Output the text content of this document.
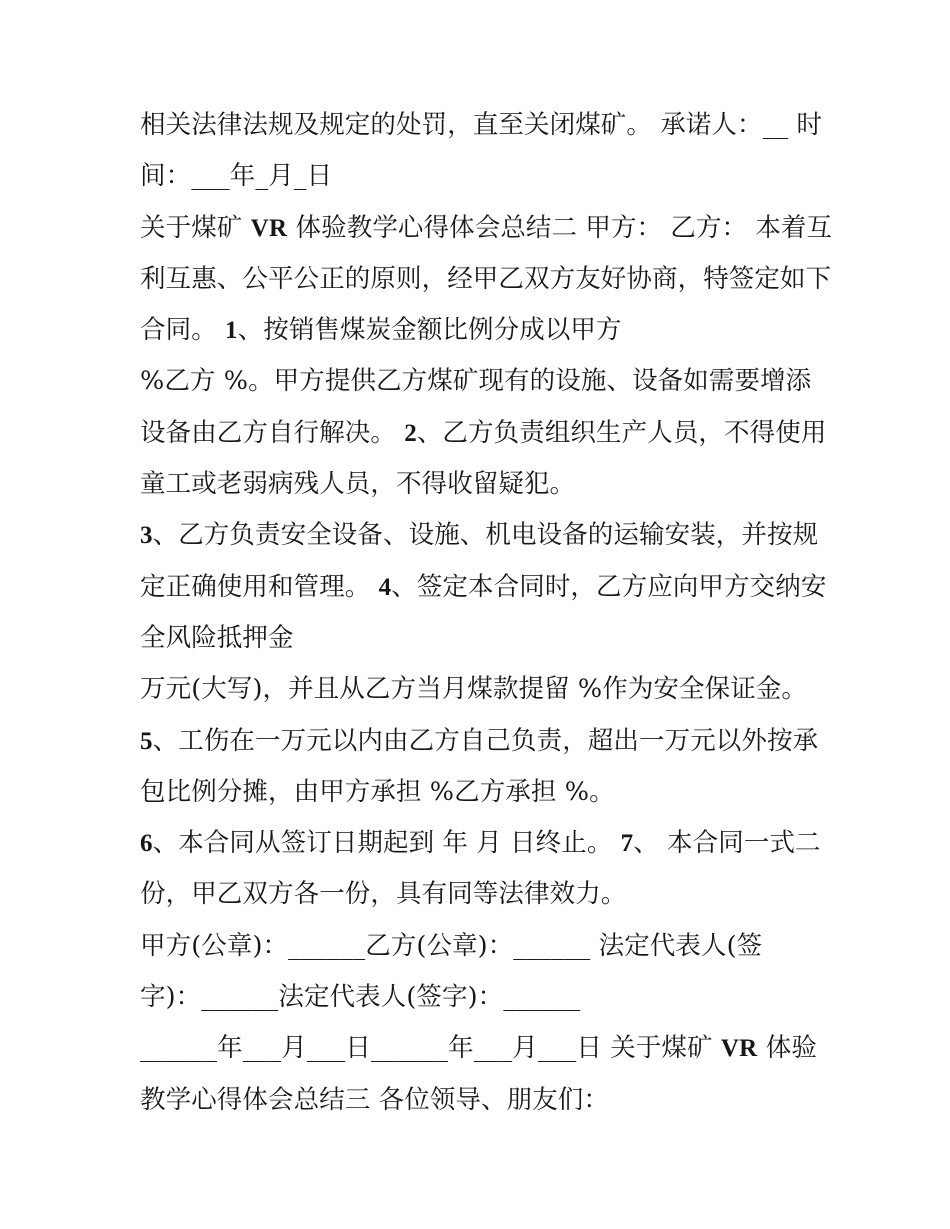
相关法律法规及规定的处罚，直至关闭煤矿。 承诺人：__ 时
间：___年_月_日
关于煤矿 VR 体验教学心得体会总结二 甲方： 乙方： 本着互
利互惠、公平公正的原则，经甲乙双方友好协商，特签定如下
合同。 1、按销售煤炭金额比例分成以甲方
%乙方 %。甲方提供乙方煤矿现有的设施、设备如需要增添
设备由乙方自行解决。 2、乙方负责组织生产人员，不得使用
童工或老弱病残人员，不得收留疑犯。
3、乙方负责安全设备、设施、机电设备的运输安装，并按规
定正确使用和管理。 4、签定本合同时，乙方应向甲方交纳安
全风险抵押金
万元(大写)，并且从乙方当月煤款提留 %作为安全保证金。
5、工伤在一万元以内由乙方自己负责，超出一万元以外按承
包比例分摊，由甲方承担 %乙方承担 %。
6、本合同从签订日期起到 年 月 日终止。 7、 本合同一式二
份，甲乙双方各一份，具有同等法律效力。
甲方(公章)：______乙方(公章)：______ 法定代表人(签
字)：______法定代表人(签字)：______
______年___月___日______年___月___日 关于煤矿 VR 体验
教学心得体会总结三 各位领导、朋友们：
